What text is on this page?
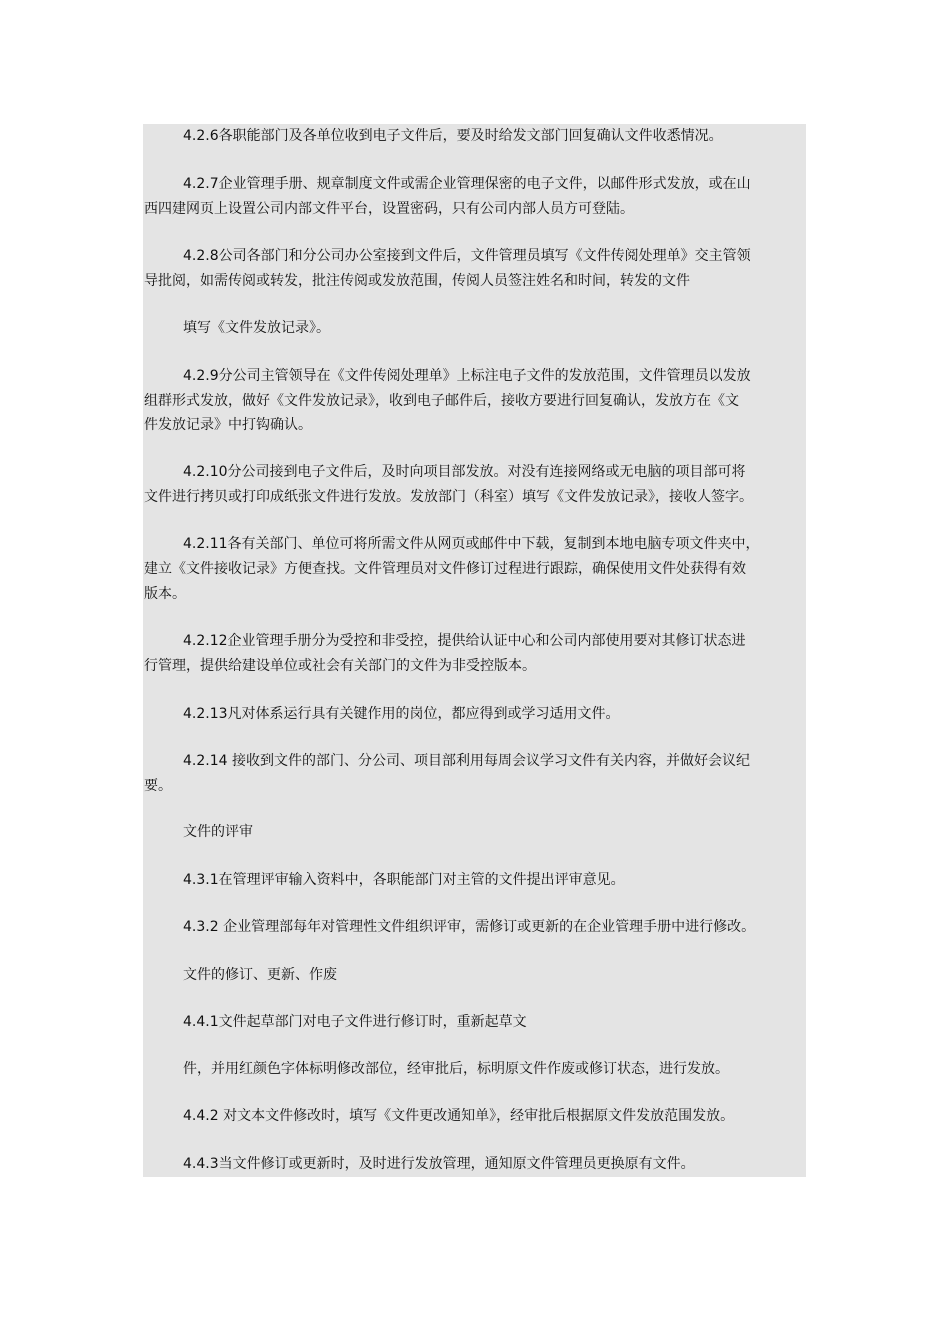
4.2.6各职能部门及各单位收到电子文件后，要及时给发文部门回复确认文件收悉情况。
4.2.7企业管理手册、规章制度文件或需企业管理保密的电子文件，以邮件形式发放，或在山
西四建网页上设置公司内部文件平台，设置密码，只有公司内部人员方可登陆。
4.2.8公司各部门和分公司办公室接到文件后，文件管理员填写《文件传阅处理单》交主管领
导批阅，如需传阅或转发，批注传阅或发放范围，传阅人员签注姓名和时间，转发的文件
填写《文件发放记录》。
4.2.9分公司主管领导在《文件传阅处理单》上标注电子文件的发放范围，文件管理员以发放
组群形式发放，做好《文件发放记录》，收到电子邮件后，接收方要进行回复确认，发放方在《文
件发放记录》中打钩确认。
4.2.10分公司接到电子文件后，及时向项目部发放。对没有连接网络或无电脑的项目部可将
文件进行拷贝或打印成纸张文件进行发放。发放部门（科室）填写《文件发放记录》，接收人签字。
4.2.11各有关部门、单位可将所需文件从网页或邮件中下载，复制到本地电脑专项文件夹中，
建立《文件接收记录》方便查找。文件管理员对文件修订过程进行跟踪，确保使用文件处获得有效
版本。
4.2.12企业管理手册分为受控和非受控，提供给认证中心和公司内部使用要对其修订状态进
行管理，提供给建设单位或社会有关部门的文件为非受控版本。
4.2.13凡对体系运行具有关键作用的岗位，都应得到或学习适用文件。
4.2.14 接收到文件的部门、分公司、项目部利用每周会议学习文件有关内容，并做好会议纪
要。
文件的评审
4.3.1在管理评审输入资料中，各职能部门对主管的文件提出评审意见。
4.3.2 企业管理部每年对管理性文件组织评审，需修订或更新的在企业管理手册中进行修改。
文件的修订、更新、作废
4.4.1文件起草部门对电子文件进行修订时，重新起草文
件，并用红颜色字体标明修改部位，经审批后，标明原文件作废或修订状态，进行发放。
4.4.2 对文本文件修改时，填写《文件更改通知单》，经审批后根据原文件发放范围发放。
4.4.3当文件修订或更新时，及时进行发放管理，通知原文件管理员更换原有文件。
